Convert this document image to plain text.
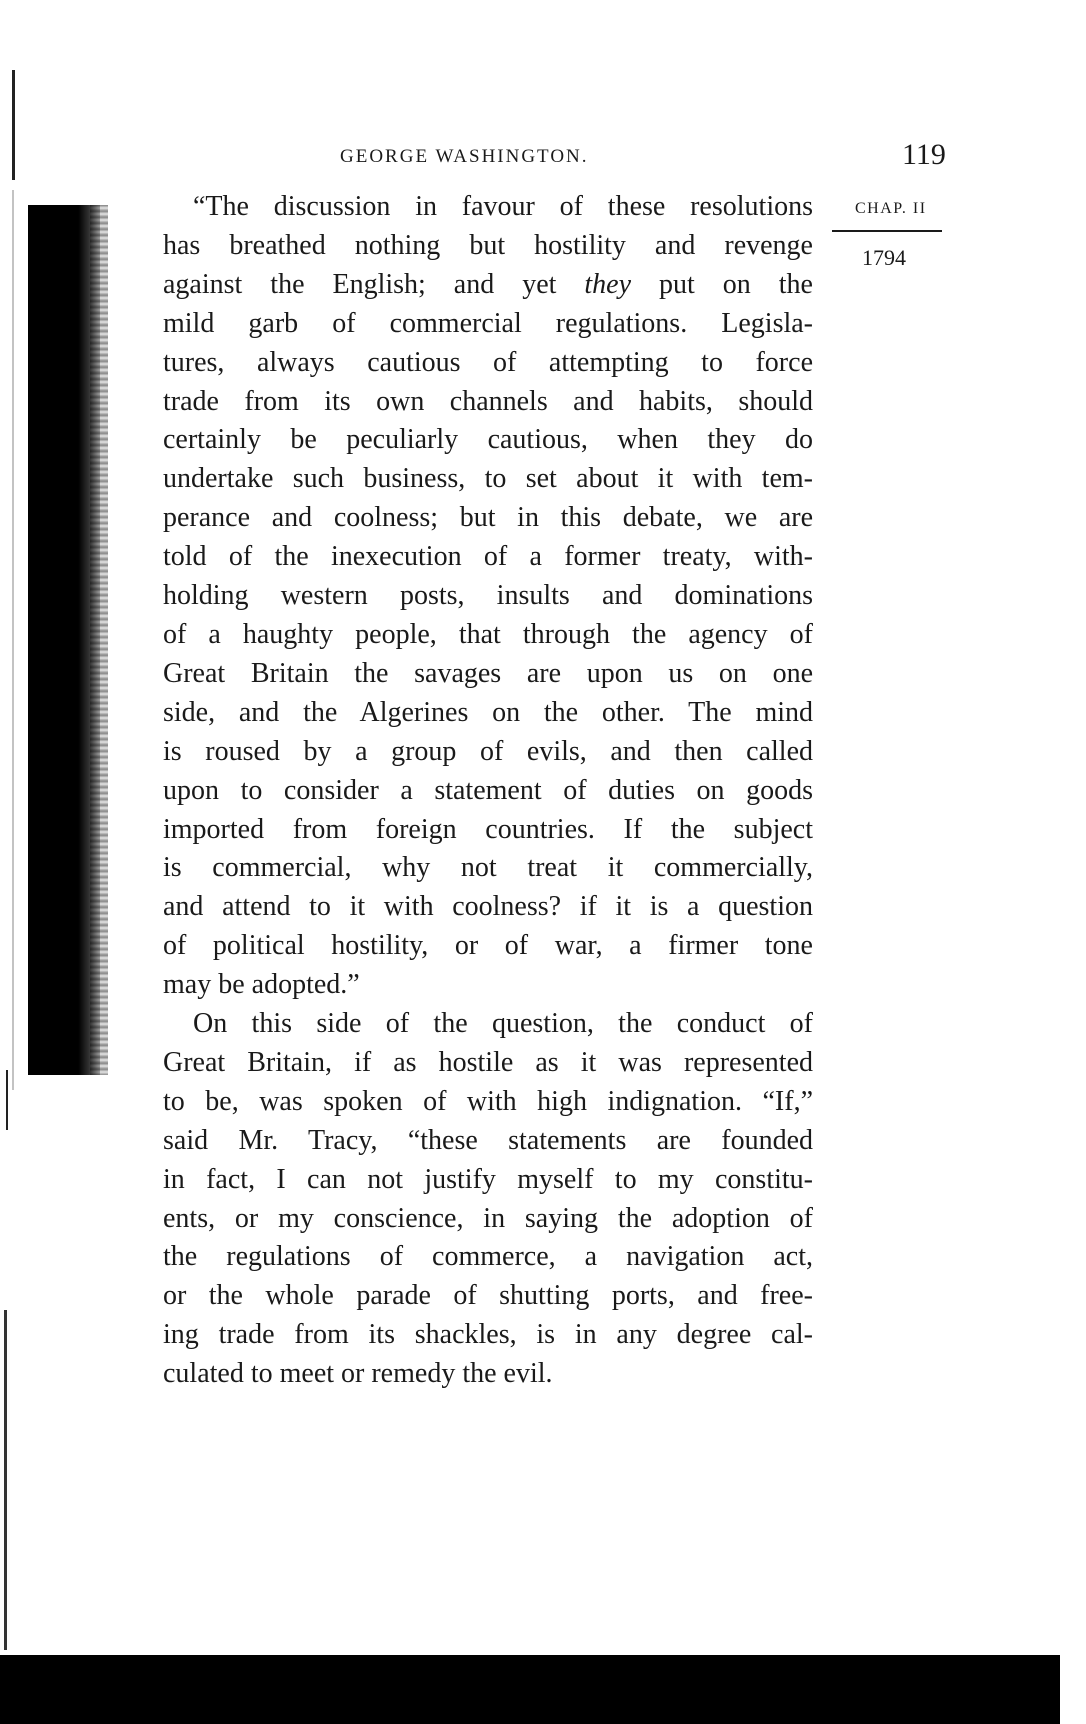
GEORGE WASHINGTON.	119
CHAP. II
1794
“The discussion in favour of these resolutions
has breathed nothing but hostility and revenge
against the English; and yet they put on the
mild garb of commercial regulations. Legisla-
tures, always cautious of attempting to force
trade from its own channels and habits, should
certainly be peculiarly cautious, when they do
undertake such business, to set about it with tem-
perance and coolness; but in this debate, we are
told of the inexecution of a former treaty, with-
holding western posts, insults and dominations
of a haughty people, that through the agency of
Great Britain the savages are upon us on one
side, and the Algerines on the other. The mind
is roused by a group of evils, and then called
upon to consider a statement of duties on goods
imported from foreign countries. If the subject
is commercial, why not treat it commercially,
and attend to it with coolness? if it is a question
of political hostility, or of war, a firmer tone
may be adopted.”
On this side of the question, the conduct of
Great Britain, if as hostile as it was represented
to be, was spoken of with high indignation. “If,”
said Mr. Tracy, “these statements are founded
in fact, I can not justify myself to my constitu-
ents, or my conscience, in saying the adoption of
the regulations of commerce, a navigation act,
or the whole parade of shutting ports, and free-
ing trade from its shackles, is in any degree cal-
culated to meet or remedy the evil.
